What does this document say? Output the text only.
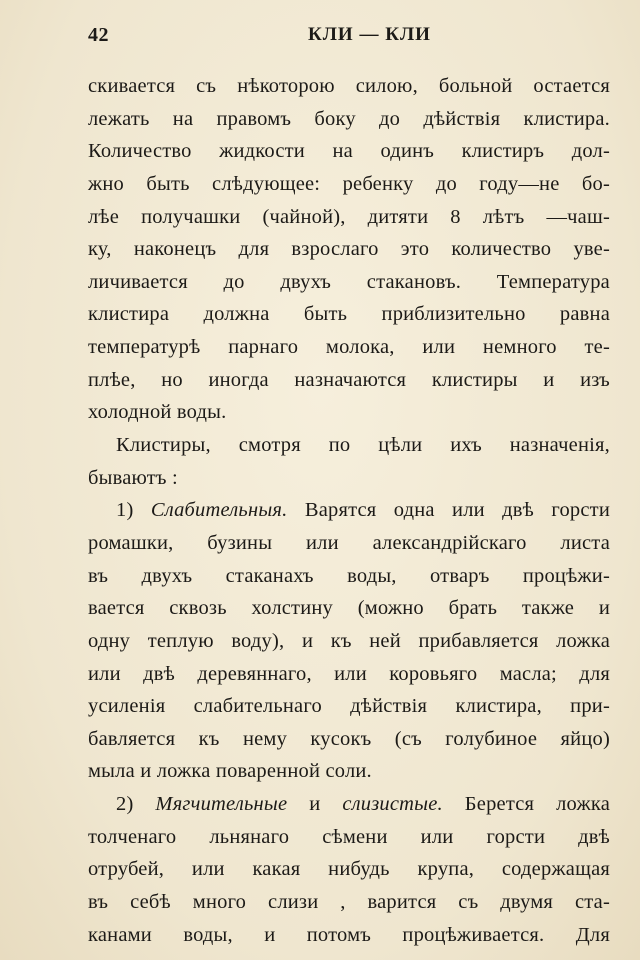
42	КЛИ — КЛИ
скивается съ нѣкоторою силою, больной остается
лежать на правомъ боку до дѣйствія клистира.
Количество жидкости на одинъ клистиръ дол-
жно быть слѣдующее: ребенку до году—не бо-
лѣе получашки (чайной), дитяти 8 лѣтъ —чаш-
ку, наконецъ для взрослаго это количество уве-
личивается до двухъ стакановъ. Температура
клистира должна быть приблизительно равна
температурѣ парнаго молока, или немного те-
плѣе, но иногда назначаются клистиры и изъ
холодной воды.
Клистиры, смотря по цѣли ихъ назначенія,
бываютъ :
1) Слабительныя. Варятся одна или двѣ горсти
ромашки, бузины или александрійскаго листа
въ двухъ стаканахъ воды, отваръ процѣжи-
вается сквозь холстину (можно брать также и
одну теплую воду), и къ ней прибавляется ложка
или двѣ деревяннаго, или коровьяго масла; для
усиленія слабительнаго дѣйствія клистира, при-
бавляется къ нему кусокъ (съ голубиное яйцо)
мыла и ложка поваренной соли.
2) Мягчительные и слизистые. Берется ложка
толченаго льнянаго сѣмени или горсти двѣ
отрубей, или какая нибудь крупа, содержащая
въ себѣ много слизи , варится съ двумя ста-
канами воды, и потомъ процѣживается. Для
